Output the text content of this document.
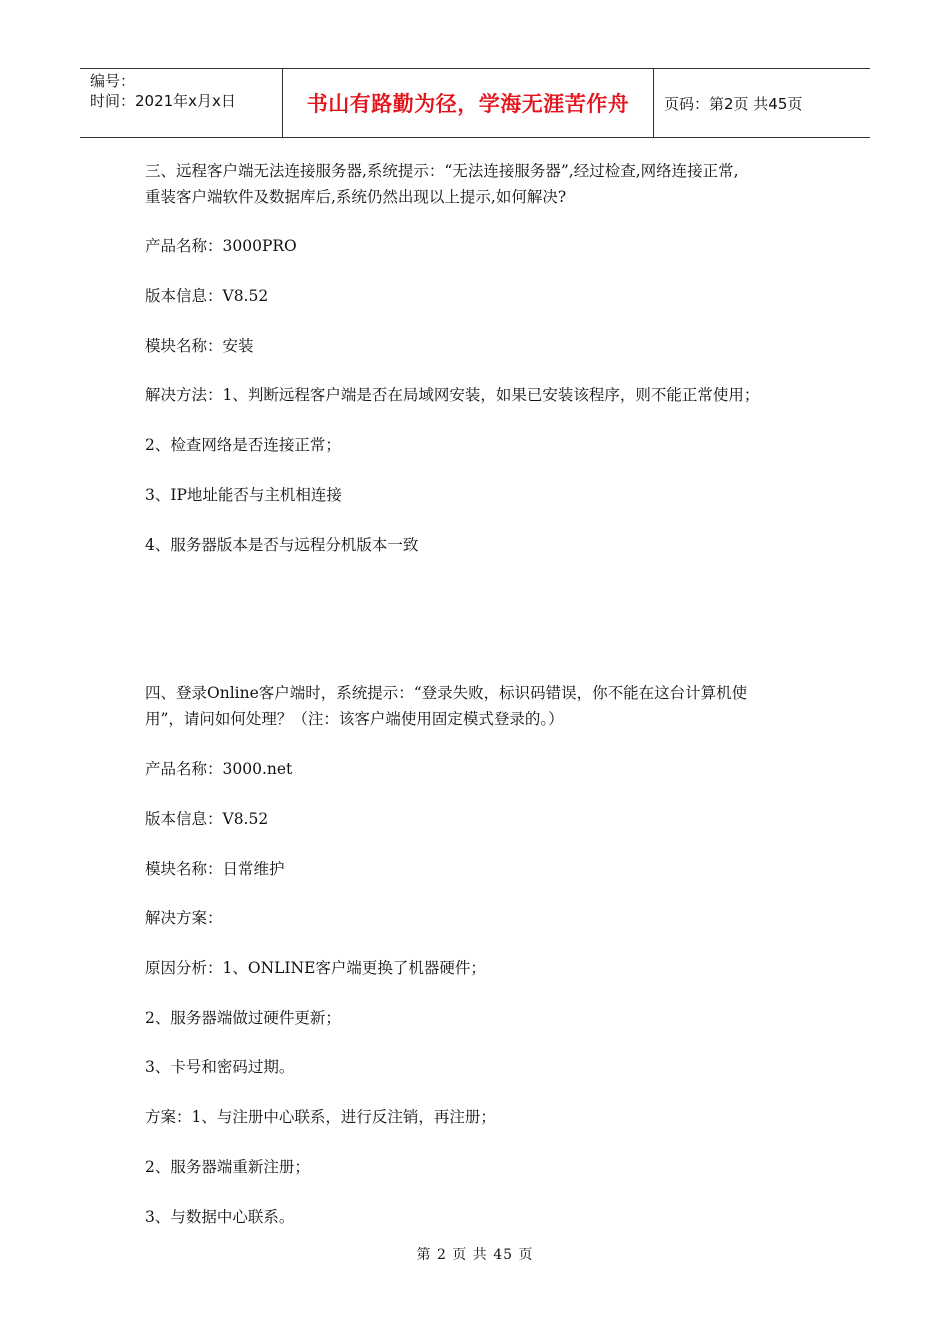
编号：
时间：2021年x月x日	书山有路勤为径，学海无涯苦作舟 页码：第2页 共45页
三、远程客户端无法连接服务器,系统提示：“无法连接服务器”,经过检查,网络连接正常,
重装客户端软件及数据库后,系统仍然出现以上提示,如何解决?

产品名称：3000PRO

版本信息：V8.52

模块名称：安装

解决方法：1、判断远程客户端是否在局域网安装，如果已安装该程序，则不能正常使用；

2、检查网络是否连接正常；

3、IP地址能否与主机相连接

4、服务器版本是否与远程分机版本一致

四、登录Online客户端时，系统提示：“登录失败，标识码错误，你不能在这台计算机使
用”，请问如何处理？（注：该客户端使用固定模式登录的。）

产品名称：3000.net

版本信息：V8.52

模块名称：日常维护

解决方案：

原因分析：1、ONLINE客户端更换了机器硬件；

2、服务器端做过硬件更新；

3、卡号和密码过期。

方案：1、与注册中心联系，进行反注销，再注册；

2、服务器端重新注册；

3、与数据中心联系。

第 2 页 共 45 页
